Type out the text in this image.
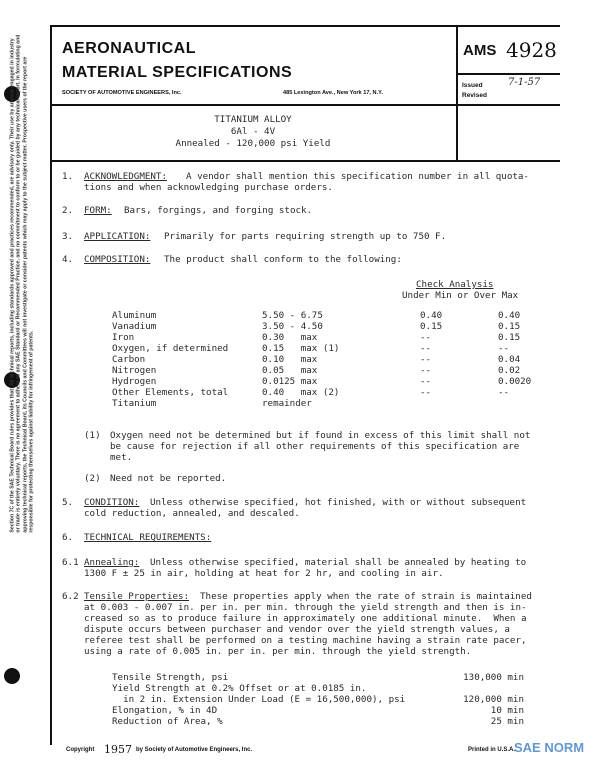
Section 7C of the SAE Technical Board rules provides that: All technical reports, including standards approved and practices recommended, are advisory only. Their use by anyone engaged in industry or trade is entirely voluntary. There is no agreement to adhere to any SAE Standard or Recommended Practice, and no commitment to conform to or be guided by any technical report. In formulating and approving technical reports, the Technical Board, its Councils and Committees will not investigate or consider patents which may apply to the subject matter. Prospective users of the report are responsible for protecting themselves against liability for infringement of patents.
AERONAUTICAL
MATERIAL SPECIFICATIONS
SOCIETY OF AUTOMOTIVE ENGINEERS, Inc.	485 Lexington Ave., New York 17, N.Y.
AMS 4928
Issued	7-1-57
Revised
TITANIUM ALLOY
6Al - 4V
Annealed - 120,000 psi Yield
1. ACKNOWLEDGMENT: A vendor shall mention this specification number in all quota-
tions and when acknowledging purchase orders.
2. FORM: Bars, forgings, and forging stock.
3. APPLICATION: Primarily for parts requiring strength up to 750 F.
4. COMPOSITION: The product shall conform to the following:
Check Analysis
Under Min or Over Max
Aluminum	5.50 - 6.75	0.40	0.40
Vanadium	3.50 - 4.50	0.15	0.15
Iron	0.30   max	--	0.15
Oxygen, if determined	0.15   max (1)	--	--
Carbon	0.10   max	--	0.04
Nitrogen	0.05   max	--	0.02
Hydrogen	0.0125 max	--	0.0020
Other Elements, total	0.40   max (2)	--	--
Titanium	remainder		
(1) Oxygen need not be determined but if found in excess of this limit shall not
be cause for rejection if all other requirements of this specification are
met.
(2) Need not be reported.
5. CONDITION: Unless otherwise specified, hot finished, with or without subsequent
cold reduction, annealed, and descaled.
6. TECHNICAL REQUIREMENTS:
6.1 Annealing: Unless otherwise specified, material shall be annealed by heating to
1300 F ± 25 in air, holding at heat for 2 hr, and cooling in air.
6.2 Tensile Properties: These properties apply when the rate of strain is maintained
at 0.003 - 0.007 in. per in. per min. through the yield strength and then is in-
creased so as to produce failure in approximately one additional minute.  When a
dispute occurs between purchaser and vendor over the yield strength values, a
referee test shall be performed on a testing machine having a strain rate pacer,
using a rate of 0.005 in. per in. per min. through the yield strength.
Tensile Strength, psi	130,000 min
Yield Strength at 0.2% Offset or at 0.0185 in.	
in 2 in. Extension Under Load (E = 16,500,000), psi	120,000 min
Elongation, % in 4D	10 min
Reduction of Area, %	25 min
Copyright 1957 by Society of Automotive Engineers, Inc.	Printed in U.S.A.
SAE NORM
